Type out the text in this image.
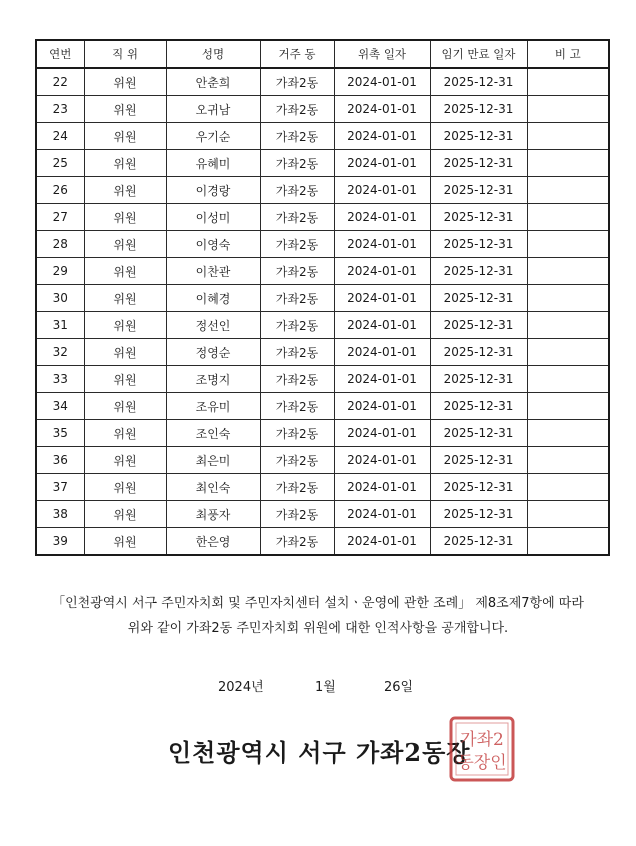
연번	직 위	성명	거주 동	위촉 일자	임기 만료 일자	비 고
22	위원	안춘희	가좌2동	2024-01-01	2025-12-31	
23	위원	오귀남	가좌2동	2024-01-01	2025-12-31	
24	위원	우기순	가좌2동	2024-01-01	2025-12-31	
25	위원	유혜미	가좌2동	2024-01-01	2025-12-31	
26	위원	이경랑	가좌2동	2024-01-01	2025-12-31	
27	위원	이성미	가좌2동	2024-01-01	2025-12-31	
28	위원	이영숙	가좌2동	2024-01-01	2025-12-31	
29	위원	이찬관	가좌2동	2024-01-01	2025-12-31	
30	위원	이혜경	가좌2동	2024-01-01	2025-12-31	
31	위원	정선인	가좌2동	2024-01-01	2025-12-31	
32	위원	정영순	가좌2동	2024-01-01	2025-12-31	
33	위원	조명지	가좌2동	2024-01-01	2025-12-31	
34	위원	조유미	가좌2동	2024-01-01	2025-12-31	
35	위원	조인숙	가좌2동	2024-01-01	2025-12-31	
36	위원	최은미	가좌2동	2024-01-01	2025-12-31	
37	위원	최인숙	가좌2동	2024-01-01	2025-12-31	
38	위원	최풍자	가좌2동	2024-01-01	2025-12-31	
39	위원	한은영	가좌2동	2024-01-01	2025-12-31	
「인천광역시 서구 주민자치회 및 주민자치센터 설치ㆍ운영에 관한 조례」 제8조제7항에 따라
위와 같이 가좌2동 주민자치회 위원에 대한 인적사항을 공개합니다.
2024년	1월	26일
인천광역시 서구 가좌2동장
가좌2
동장인
